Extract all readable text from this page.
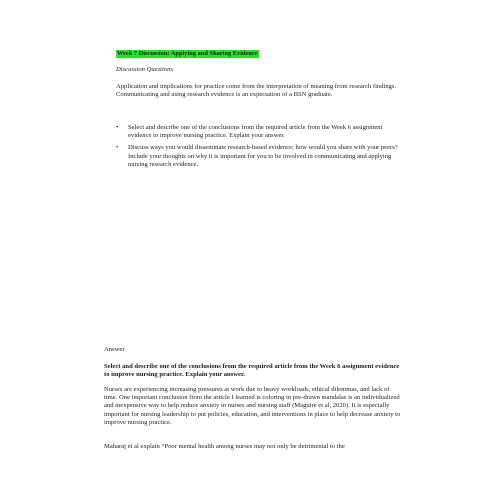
Week 7 Discussion: Applying and Sharing Evidence
Discussion Questions
Application and implications for practice come from the interpretation of meaning from research findings. Communicating and using research evidence is an expectation of a BSN graduate.
• Select and describe one of the conclusions from the required article from the Week 6 assignment evidence to improve nursing practice. Explain your answer.
• Discuss ways you would disseminate research-based evidence; how would you share with your peers? Include your thoughts on why it is important for you to be involved in communicating and applying nursing research evidence.
Answer
Select and describe one of the conclusions from the required article from the Week 6 assignment evidence to improve nursing practice. Explain your answer.
Nurses are experiencing increasing pressures at work due to heavy workloads, ethical dilemmas, and lack of time. One important conclusion from the article I learned is coloring in pre-drawn mandalas is an individualized and inexpensive way to help reduce anxiety in nurses and nursing staff (Maguire et al, 2020). It is especially important for nursing leadership to put policies, education, and interventions in place to help decrease anxiety to improve nursing practice.
Maharaj et al explain “Poor mental health among nurses may not only be detrimental to the
